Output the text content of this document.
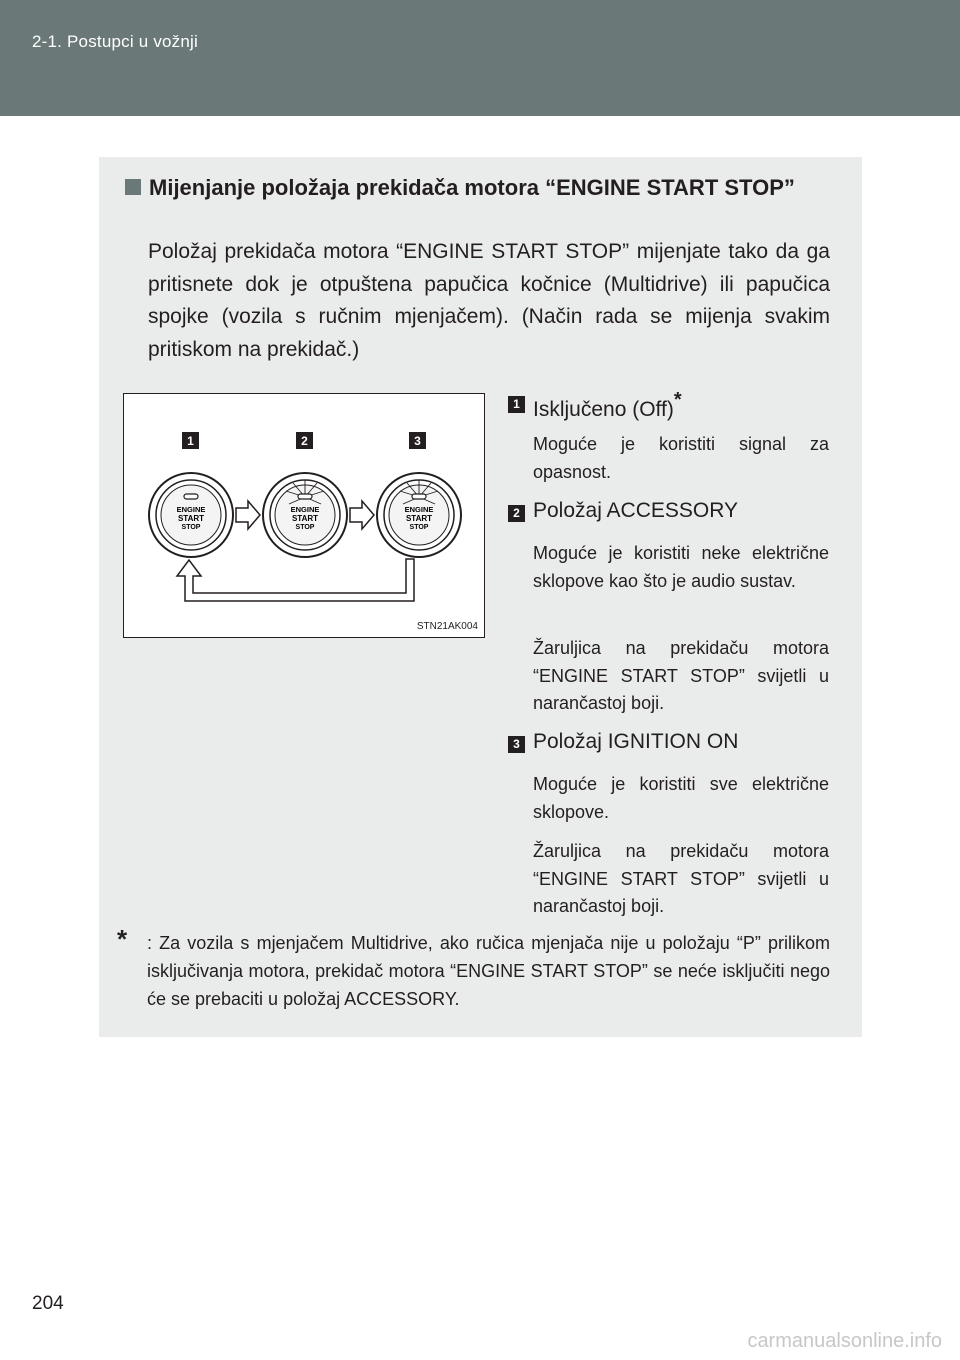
2-1. Postupci u vožnji
Mijenjanje položaja prekidača motora “ENGINE START STOP”
Položaj prekidača motora “ENGINE START STOP” mijenjate tako da ga pritisnete dok je otpuštena papučica kočnice (Multidrive) ili papučica spojke (vozila s ručnim mjenjačem). (Način rada se mijenja svakim pritiskom na prekidač.)
1	2	3
ENGINE
START
STOP
ENGINE
START
STOP
ENGINE
START
STOP
STN21AK004
1 Isključeno (Off)*
Moguće je koristiti signal za opasnost.
2 Položaj ACCESSORY
Moguće je koristiti neke električne sklopove kao što je audio sustav.
Žaruljica na prekidaču motora “ENGINE START STOP” svijetli u narančastoj boji.
3 Položaj IGNITION ON
Moguće je koristiti sve električne sklopove.
Žaruljica na prekidaču motora “ENGINE START STOP” svijetli u narančastoj boji.
* : Za vozila s mjenjačem Multidrive, ako ručica mjenjača nije u položaju “P” prilikom isključivanja motora, prekidač motora “ENGINE START STOP” se neće isključiti nego će se prebaciti u položaj ACCESSORY.
204
carmanualsonline.info
